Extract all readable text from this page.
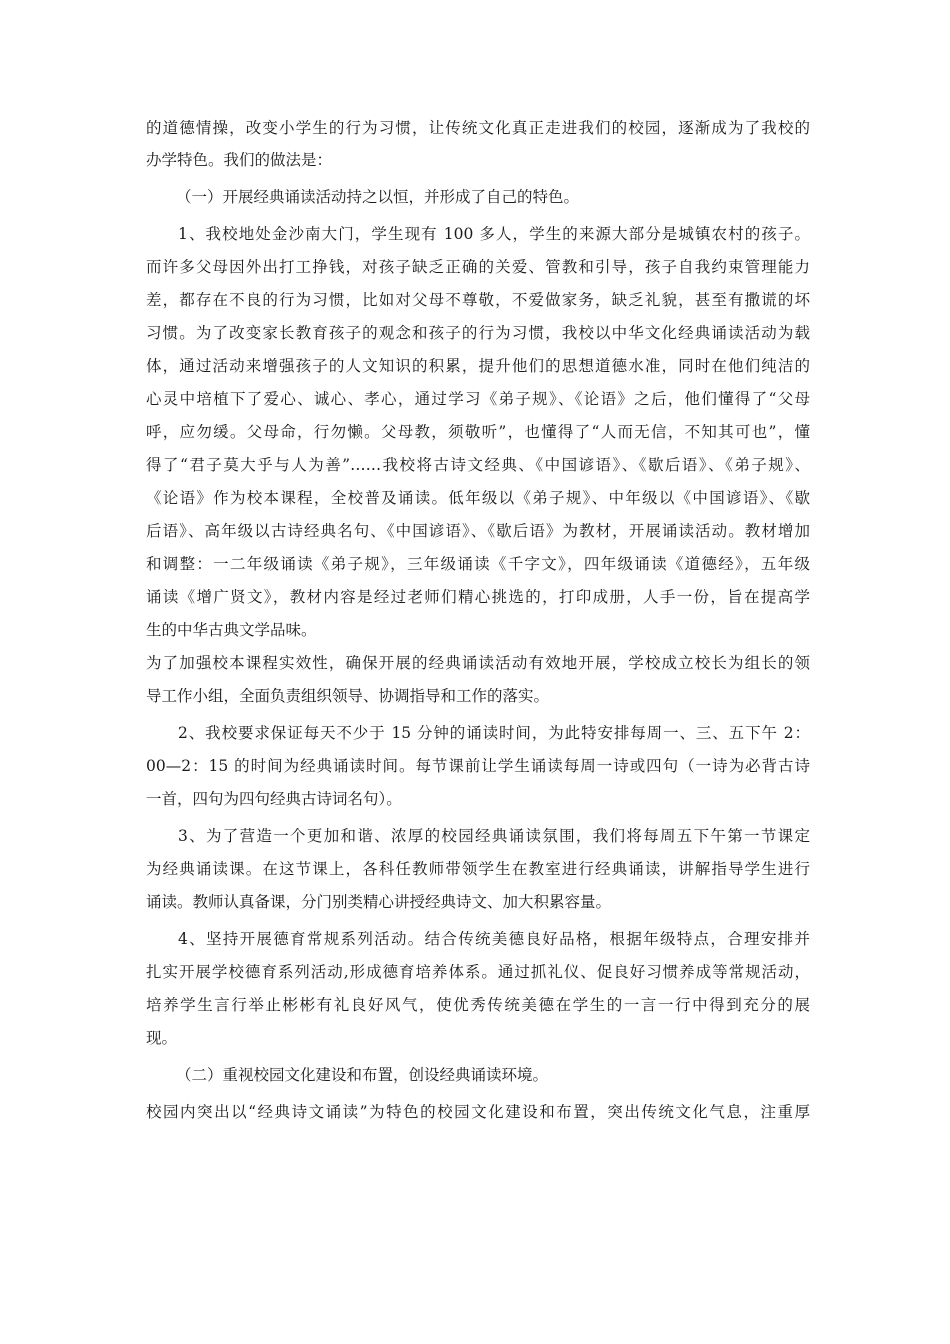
的道德情操，改变小学生的行为习惯，让传统文化真正走进我们的校园，逐渐成为了我校的
办学特色。我们的做法是：
（一）开展经典诵读活动持之以恒，并形成了自己的特色。
1、我校地处金沙南大门，学生现有 100 多人，学生的来源大部分是城镇农村的孩子。
而许多父母因外出打工挣钱，对孩子缺乏正确的关爱、管教和引导，孩子自我约束管理能力
差，都存在不良的行为习惯，比如对父母不尊敬，不爱做家务，缺乏礼貌，甚至有撒谎的坏
习惯。为了改变家长教育孩子的观念和孩子的行为习惯，我校以中华文化经典诵读活动为载
体，通过活动来增强孩子的人文知识的积累，提升他们的思想道德水准，同时在他们纯洁的
心灵中培植下了爱心、诚心、孝心，通过学习《弟子规》、《论语》之后，他们懂得了“父母
呼，应勿缓。父母命，行勿懒。父母教，须敬听”，也懂得了“人而无信，不知其可也”，懂
得了“君子莫大乎与人为善”……我校将古诗文经典、《中国谚语》、《歇后语》、《弟子规》、
《论语》作为校本课程，全校普及诵读。低年级以《弟子规》、中年级以《中国谚语》、《歇
后语》、高年级以古诗经典名句、《中国谚语》、《歇后语》为教材，开展诵读活动。教材增加
和调整：一二年级诵读《弟子规》，三年级诵读《千字文》，四年级诵读《道德经》，五年级
诵读《增广贤文》，教材内容是经过老师们精心挑选的，打印成册，人手一份，旨在提高学
生的中华古典文学品味。
为了加强校本课程实效性，确保开展的经典诵读活动有效地开展，学校成立校长为组长的领
导工作小组，全面负责组织领导、协调指导和工作的落实。
2、我校要求保证每天不少于 15 分钟的诵读时间，为此特安排每周一、三、五下午 2：
00—2：15 的时间为经典诵读时间。每节课前让学生诵读每周一诗或四句（一诗为必背古诗
一首，四句为四句经典古诗词名句）。
3、为了营造一个更加和谐、浓厚的校园经典诵读氛围，我们将每周五下午第一节课定
为经典诵读课。在这节课上，各科任教师带领学生在教室进行经典诵读，讲解指导学生进行
诵读。教师认真备课，分门别类精心讲授经典诗文、加大积累容量。
4、坚持开展德育常规系列活动。结合传统美德良好品格，根据年级特点，合理安排并
扎实开展学校德育系列活动,形成德育培养体系。通过抓礼仪、促良好习惯养成等常规活动，
培养学生言行举止彬彬有礼良好风气，使优秀传统美德在学生的一言一行中得到充分的展
现。
（二）重视校园文化建设和布置，创设经典诵读环境。
校园内突出以“经典诗文诵读”为特色的校园文化建设和布置，突出传统文化气息，注重厚
